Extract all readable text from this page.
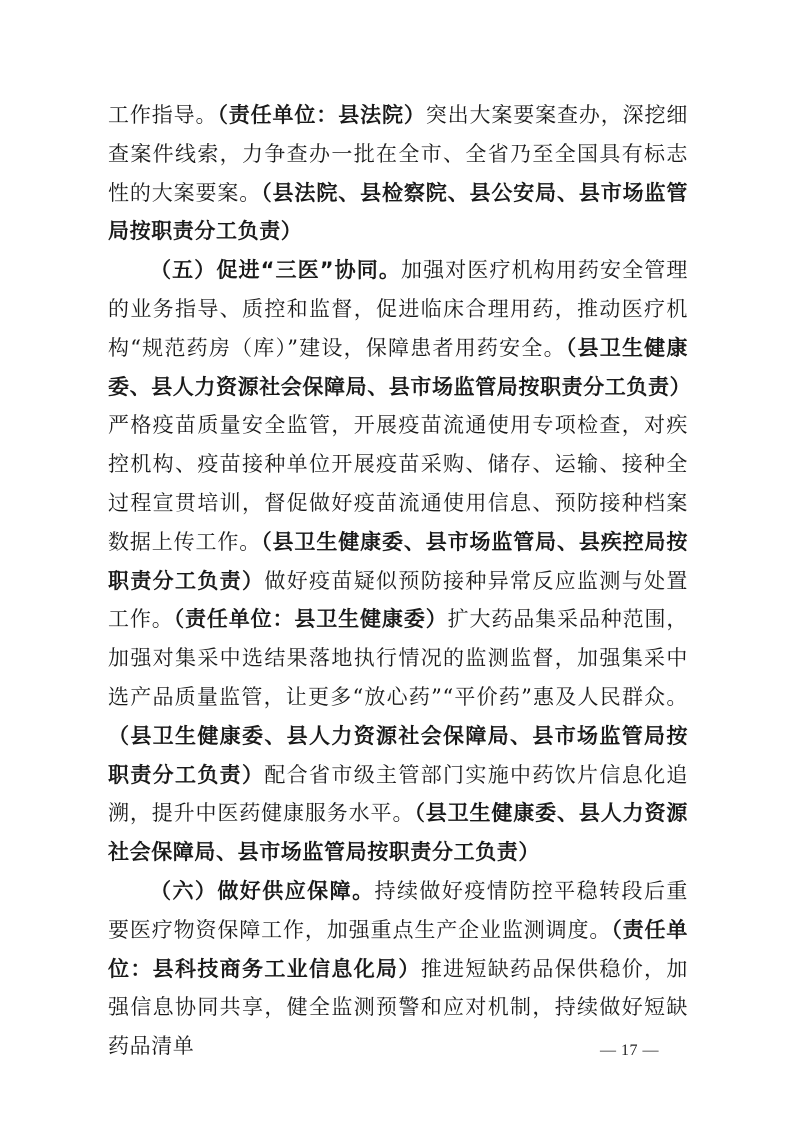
工作指导。（责任单位：县法院）突出大案要案查办，深挖细查案件线索，力争查办一批在全市、全省乃至全国具有标志性的大案要案。（县法院、县检察院、县公安局、县市场监管局按职责分工负责）

（五）促进“三医”协同。加强对医疗机构用药安全管理的业务指导、质控和监督，促进临床合理用药，推动医疗机构“规范药房（库）”建设，保障患者用药安全。（县卫生健康委、县人力资源社会保障局、县市场监管局按职责分工负责）严格疫苗质量安全监管，开展疫苗流通使用专项检查，对疾控机构、疫苗接种单位开展疫苗采购、储存、运输、接种全过程宣贯培训，督促做好疫苗流通使用信息、预防接种档案数据上传工作。（县卫生健康委、县市场监管局、县疾控局按职责分工负责）做好疫苗疑似预防接种异常反应监测与处置工作。（责任单位：县卫生健康委）扩大药品集采品种范围，加强对集采中选结果落地执行情况的监测监督，加强集采中选产品质量监管，让更多“放心药”“平价药”惠及人民群众。（县卫生健康委、县人力资源社会保障局、县市场监管局按职责分工负责）配合省市级主管部门实施中药饮片信息化追溯，提升中医药健康服务水平。（县卫生健康委、县人力资源社会保障局、县市场监管局按职责分工负责）

（六）做好供应保障。持续做好疫情防控平稳转段后重要医疗物资保障工作，加强重点生产企业监测调度。（责任单位：县科技商务工业信息化局）推进短缺药品保供稳价，加强信息协同共享，健全监测预警和应对机制，持续做好短缺药品清单	— 17 —
